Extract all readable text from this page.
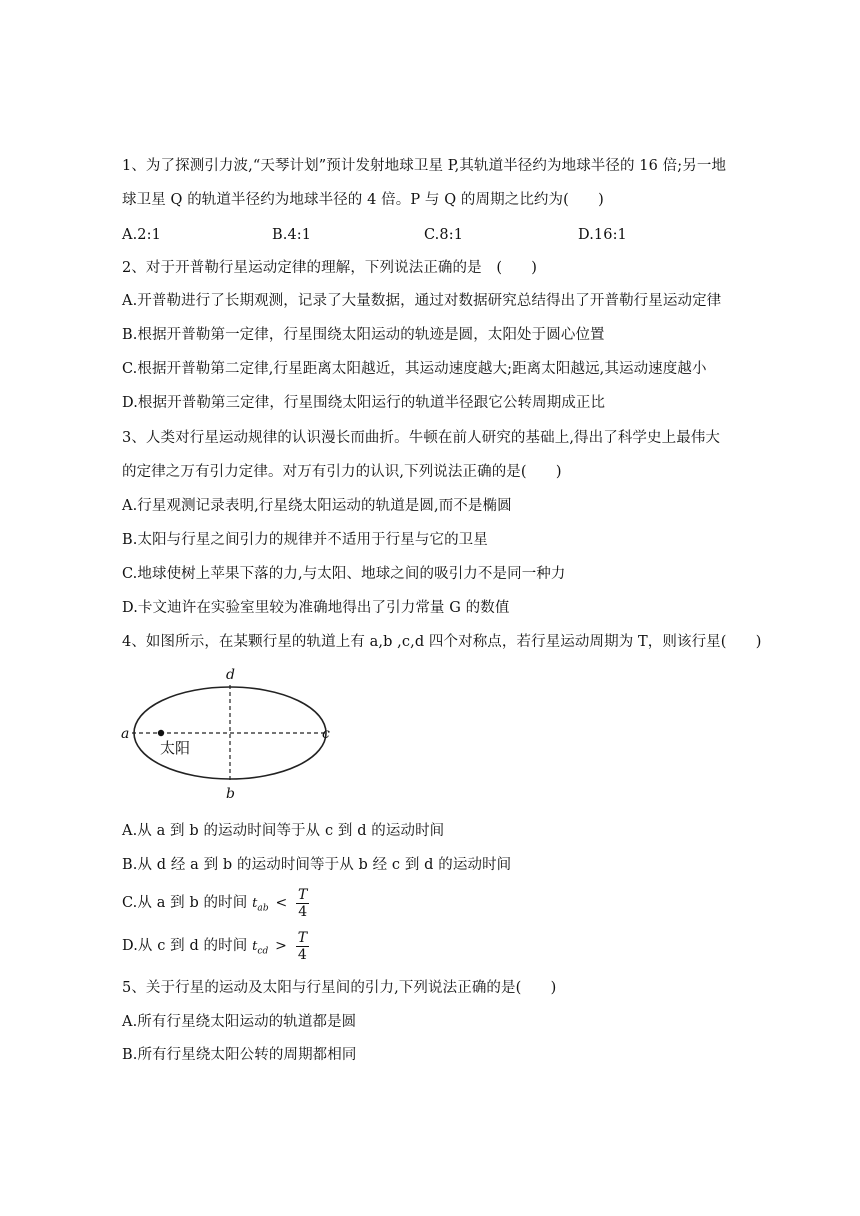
1、为了探测引力波,“天琴计划”预计发射地球卫星 P,其轨道半径约为地球半径的 16 倍;另一地
球卫星 Q 的轨道半径约为地球半径的 4 倍。P 与 Q 的周期之比约为(　　)
A.2:1	B.4:1	C.8:1	D.16:1
2、对于开普勒行星运动定律的理解，下列说法正确的是　(　　)
A.开普勒进行了长期观测，记录了大量数据，通过对数据研究总结得出了开普勒行星运动定律
B.根据开普勒第一定律，行星围绕太阳运动的轨迹是圆，太阳处于圆心位置
C.根据开普勒第二定律,行星距离太阳越近，其运动速度越大;距离太阳越远,其运动速度越小
D.根据开普勒第三定律，行星围绕太阳运行的轨道半径跟它公转周期成正比
3、人类对行星运动规律的认识漫长而曲折。牛顿在前人研究的基础上,得出了科学史上最伟大
的定律之万有引力定律。对万有引力的认识,下列说法正确的是(　　)
A.行星观测记录表明,行星绕太阳运动的轨道是圆,而不是椭圆
B.太阳与行星之间引力的规律并不适用于行星与它的卫星
C.地球使树上苹果下落的力,与太阳、地球之间的吸引力不是同一种力
D.卡文迪许在实验室里较为准确地得出了引力常量 G 的数值
4、如图所示，在某颗行星的轨道上有 a,b ,c,d 四个对称点，若行星运动周期为 T，则该行星(　　)
a
d
c
b
太阳
A.从 a 到 b 的运动时间等于从 c 到 d 的运动时间
B.从 d 经 a 到 b 的运动时间等于从 b 经 c 到 d 的运动时间
C.从 a 到 b 的时间 $t_{ab} < \frac{T}{4}$
D.从 c 到 d 的时间 $t_{cd} > \frac{T}{4}$
5、关于行星的运动及太阳与行星间的引力,下列说法正确的是(　　)
A.所有行星绕太阳运动的轨道都是圆
B.所有行星绕太阳公转的周期都相同
